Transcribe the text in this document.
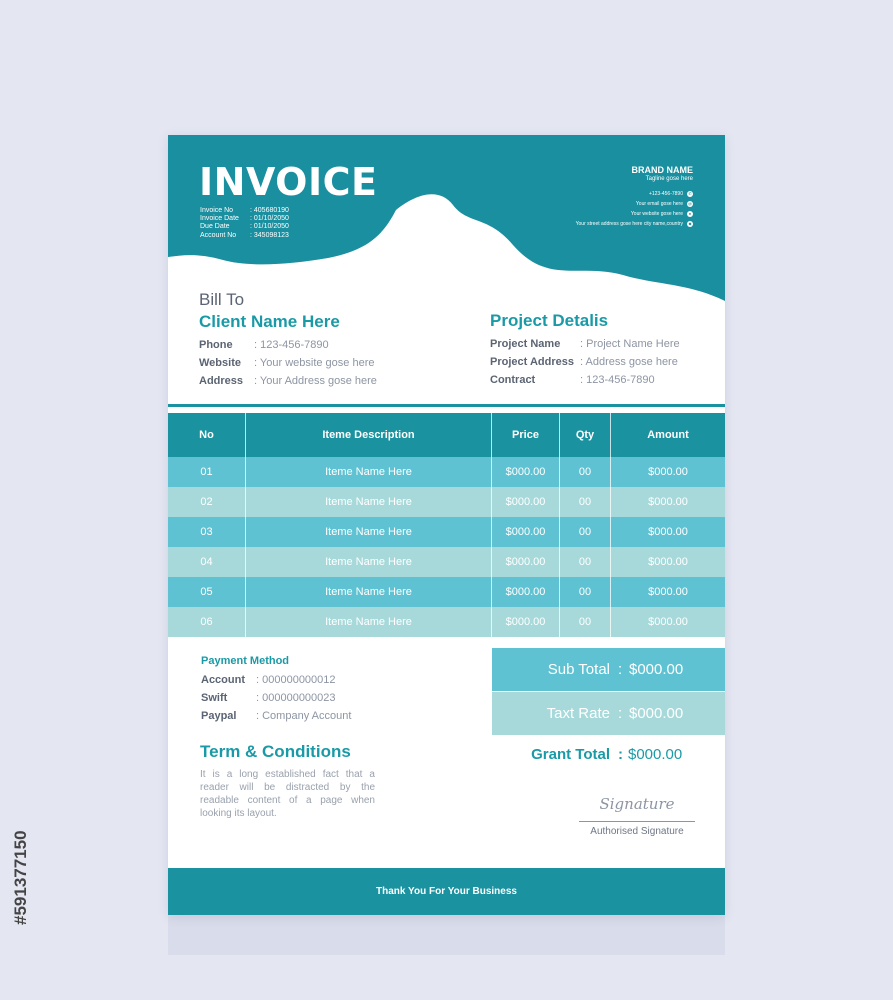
INVOICE
Invoice No	: 405680190
Invoice Date	: 01/10/2050
Due Date	: 01/10/2050
Account No	: 345098123
BRAND NAME
Tagline gose here
+123-456-7890	✆
Your email gose here @
Your website gose here	●
Your street address gose here city name,country	◆
Bill To
Client Name Here
Phone	: 123-456-7890
Website	: Your website gose here
Address : Your Address gose here
Project Detalis
Project Name	: Project Name Here
Project Address : Address gose here
Contract	: 123-456-7890
No	Iteme Description	Price	Qty	Amount
01	Iteme Name Here	$000.00	00	$000.00
02	Iteme Name Here	$000.00	00	$000.00
03	Iteme Name Here	$000.00	00	$000.00
04	Iteme Name Here	$000.00	00	$000.00
05	Iteme Name Here	$000.00	00	$000.00
06	Iteme Name Here	$000.00	00	$000.00
Payment Method
Account	: 000000000012
Swift	: 000000000023
Paypal	: Company Account
Sub Total : $000.00
Taxt Rate : $000.00
Grant Total : $000.00
Term & Conditions
It is a long established fact that a reader will be distracted by the readable content of a page when looking its layout.
Signature
Authorised Signature
Thank You For Your Business
#591377150
